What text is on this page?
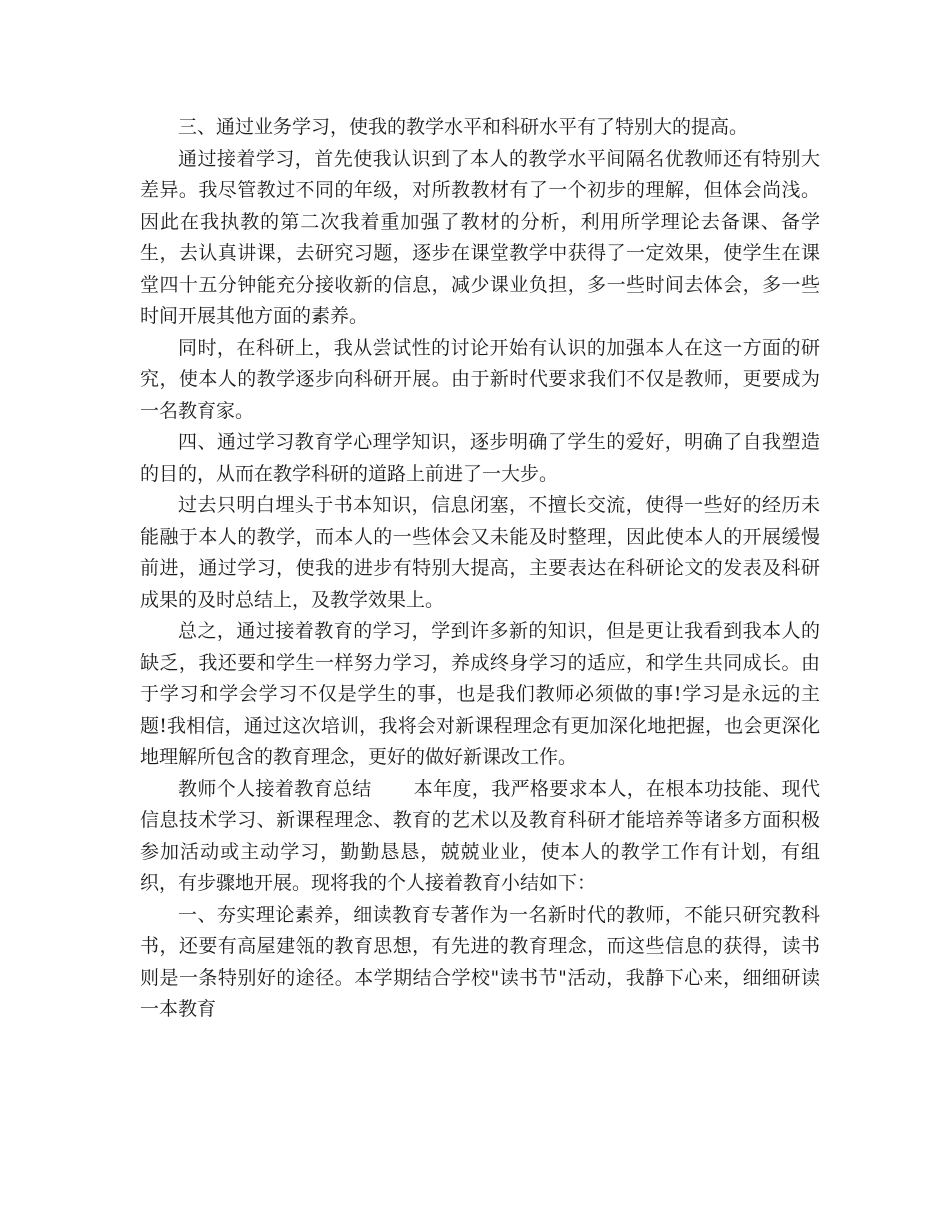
三、通过业务学习，使我的教学水平和科研水平有了特别大的提高。

通过接着学习，首先使我认识到了本人的教学水平间隔名优教师还有特别大差异。我尽管教过不同的年级，对所教教材有了一个初步的理解，但体会尚浅。因此在我执教的第二次我着重加强了教材的分析，利用所学理论去备课、备学生，去认真讲课，去研究习题，逐步在课堂教学中获得了一定效果，使学生在课堂四十五分钟能充分接收新的信息，减少课业负担，多一些时间去体会，多一些时间开展其他方面的素养。

同时，在科研上，我从尝试性的讨论开始有认识的加强本人在这一方面的研究，使本人的教学逐步向科研开展。由于新时代要求我们不仅是教师，更要成为一名教育家。

四、通过学习教育学心理学知识，逐步明确了学生的爱好，明确了自我塑造的目的，从而在教学科研的道路上前进了一大步。

过去只明白埋头于书本知识，信息闭塞，不擅长交流，使得一些好的经历未能融于本人的教学，而本人的一些体会又未能及时整理，因此使本人的开展缓慢前进，通过学习，使我的进步有特别大提高，主要表达在科研论文的发表及科研成果的及时总结上，及教学效果上。

总之，通过接着教育的学习，学到许多新的知识，但是更让我看到我本人的缺乏，我还要和学生一样努力学习，养成终身学习的适应，和学生共同成长。由于学习和学会学习不仅是学生的事，也是我们教师必须做的事!学习是永远的主题!我相信，通过这次培训，我将会对新课程理念有更加深化地把握，也会更深化地理解所包含的教育理念，更好的做好新课改工作。

教师个人接着教育总结 本年度，我严格要求本人，在根本功技能、现代信息技术学习、新课程理念、教育的艺术以及教育科研才能培养等诸多方面积极参加活动或主动学习，勤勤恳恳，兢兢业业，使本人的教学工作有计划，有组织，有步骤地开展。现将我的个人接着教育小结如下：

一、夯实理论素养，细读教育专著作为一名新时代的教师，不能只研究教科书，还要有高屋建瓴的教育思想，有先进的教育理念，而这些信息的获得，读书则是一条特别好的途径。本学期结合学校"读书节"活动，我静下心来，细细研读一本教育
